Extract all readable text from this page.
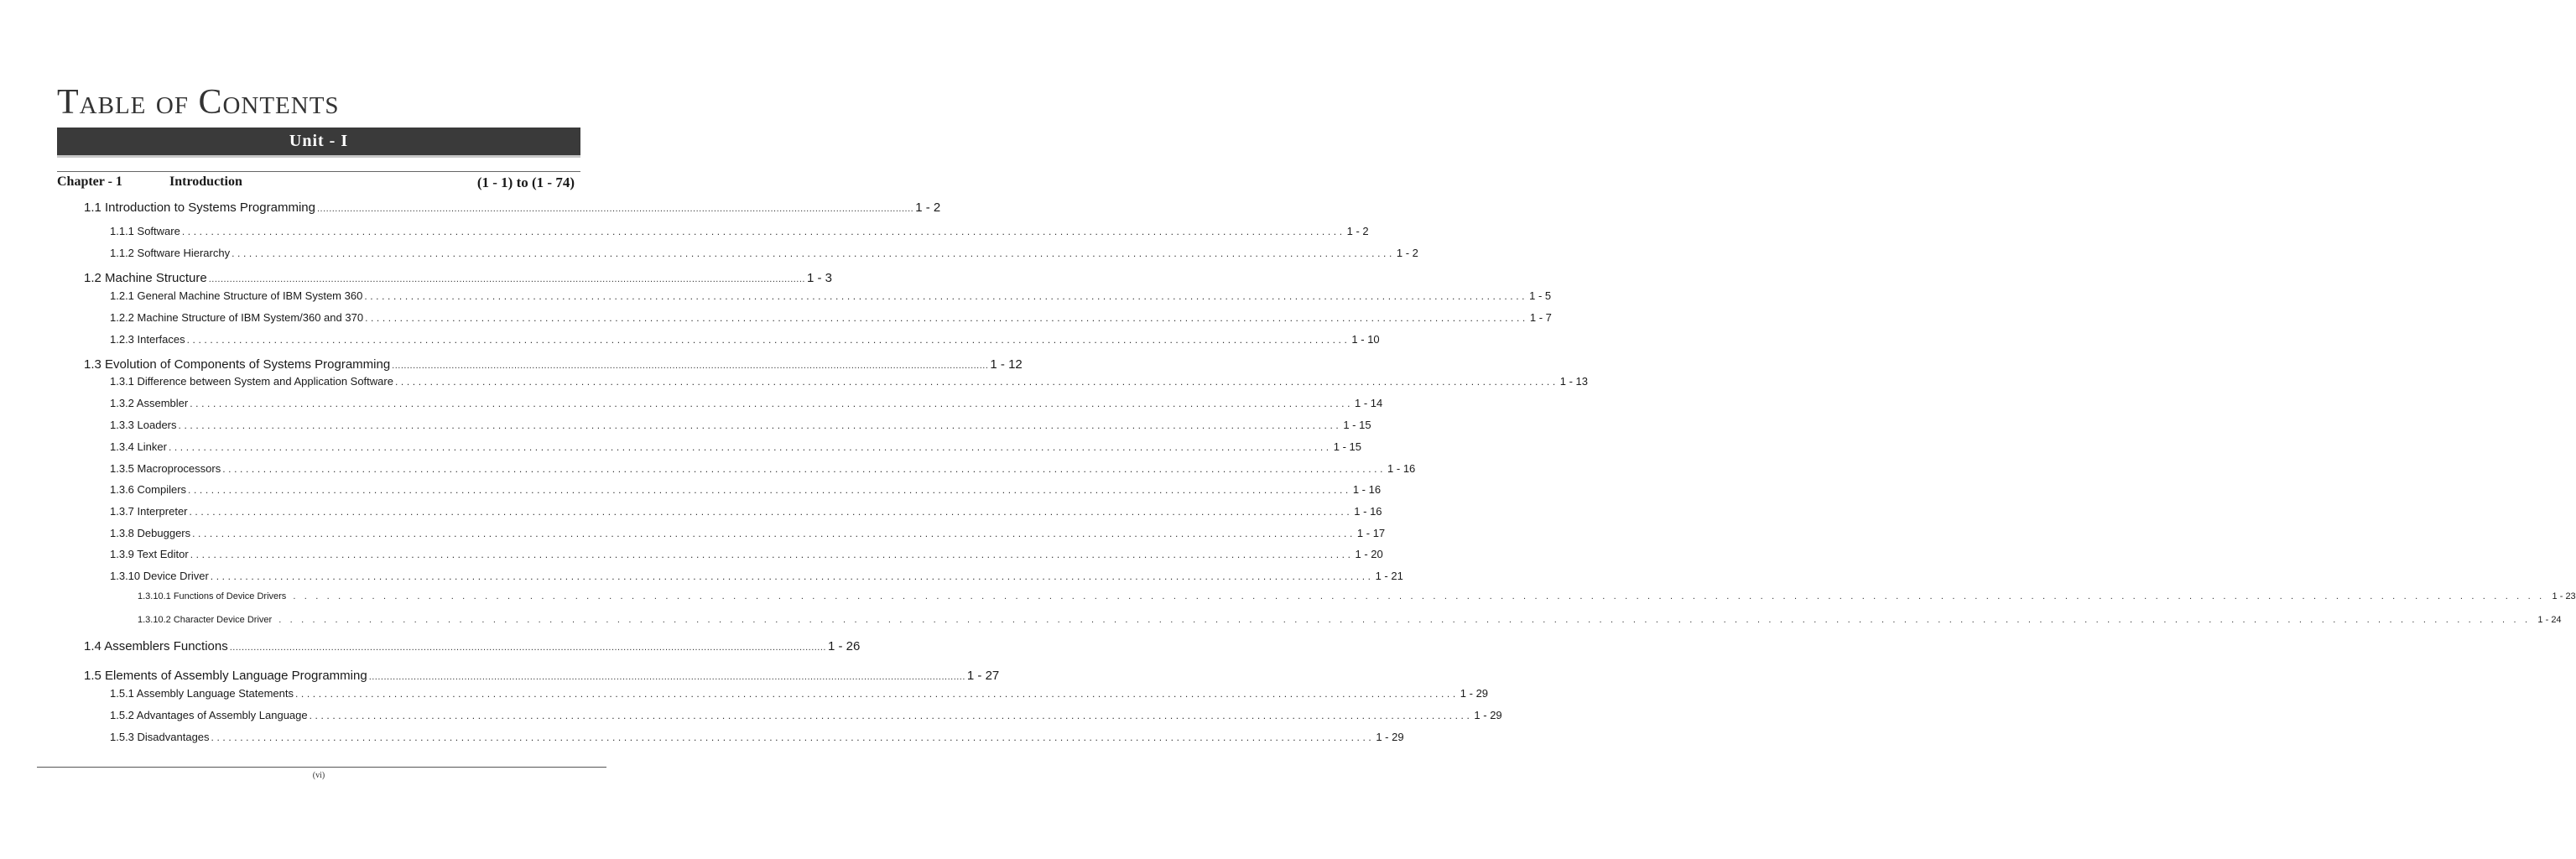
Table of Contents
Unit - I
Chapter - 1	Introduction	(1 - 1) to (1 - 74)
1.1 Introduction to Systems Programming ........................................................................................................................................................................................................ 1 - 2
1.1.1 Software ........................................................................................................................................................................................................ 1 - 2
1.1.2 Software Hierarchy ........................................................................................................................................................................................................ 1 - 2
1.2 Machine Structure ........................................................................................................................................................................................................ 1 - 3
1.2.1 General Machine Structure of IBM System 360 ........................................................................................................................................................................................................ 1 - 5
1.2.2 Machine Structure of IBM System/360 and 370 ........................................................................................................................................................................................................ 1 - 7
1.2.3 Interfaces ........................................................................................................................................................................................................ 1 - 10
1.3 Evolution of Components of Systems Programming ........................................................................................................................................................................................................ 1 - 12
1.3.1 Difference between System and Application Software ........................................................................................................................................................................................................ 1 - 13
1.3.2 Assembler ........................................................................................................................................................................................................ 1 - 14
1.3.3 Loaders ........................................................................................................................................................................................................ 1 - 15
1.3.4 Linker ........................................................................................................................................................................................................ 1 - 15
1.3.5 Macroprocessors ........................................................................................................................................................................................................ 1 - 16
1.3.6 Compilers ........................................................................................................................................................................................................ 1 - 16
1.3.7 Interpreter ........................................................................................................................................................................................................ 1 - 16
1.3.8 Debuggers ........................................................................................................................................................................................................ 1 - 17
1.3.9 Text Editor ........................................................................................................................................................................................................ 1 - 20
1.3.10 Device Driver ........................................................................................................................................................................................................ 1 - 21
1.3.10.1 Functions of Device Drivers ........................................................................................................................................................................................................ 1 - 23
1.3.10.2 Character Device Driver ........................................................................................................................................................................................................ 1 - 24
1.4 Assemblers Functions ........................................................................................................................................................................................................ 1 - 26
1.5 Elements of Assembly Language Programming ........................................................................................................................................................................................................ 1 - 27
1.5.1 Assembly Language Statements ........................................................................................................................................................................................................ 1 - 29
1.5.2 Advantages of Assembly Language ........................................................................................................................................................................................................ 1 - 29
1.5.3 Disadvantages ........................................................................................................................................................................................................ 1 - 29
(vi)
